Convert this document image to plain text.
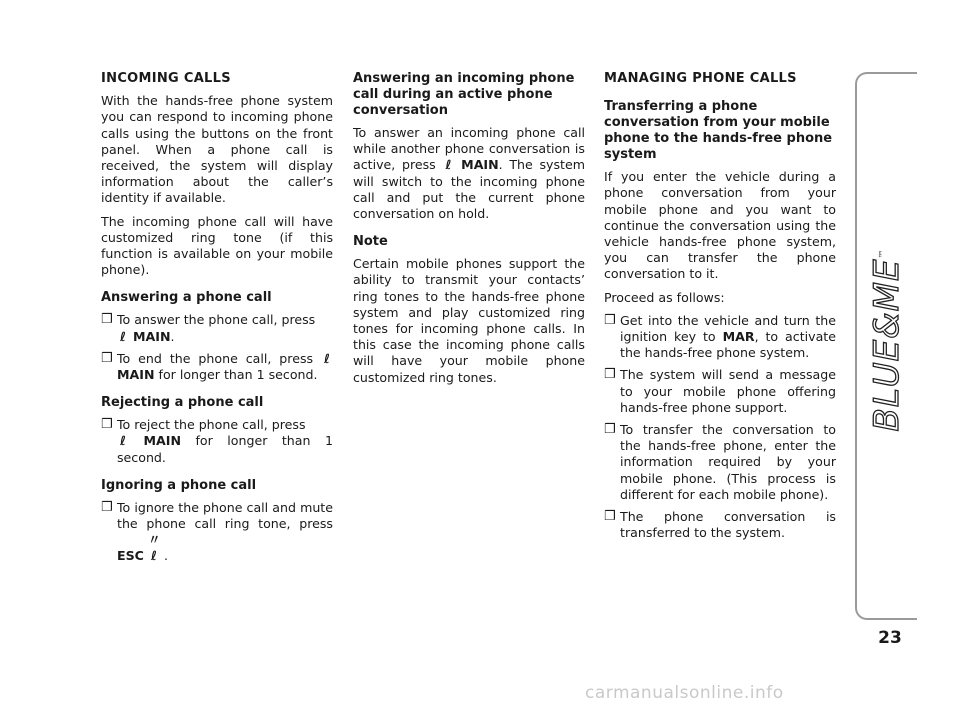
INCOMING CALLS

With the hands-free phone system you can respond to incoming phone calls using the buttons on the front panel. When a phone call is received, the system will display information about the caller’s identity if available.

The incoming phone call will have customized ring tone (if this function is available on your mobile phone).

Answering a phone call
❒ To answer the phone call, press
ℓ MAIN.
❒ To end the phone call, press ℓ MAIN for longer than 1 second.
Rejecting a phone call
❒ To reject the phone call, press
ℓ MAIN for longer than 1 second.
Ignoring a phone call
❒ To ignore the phone call and mute the phone call ring tone, press ESC 〃ℓ .
Answering an incoming phone call during an active phone conversation

To answer an incoming phone call while another phone conversation is active, press ℓ MAIN. The system will switch to the incoming phone call and put the current phone conversation on hold.

Note

Certain mobile phones support the ability to transmit your contacts’ ring tones to the hands-free phone system and play customized ring tones for incoming phone calls. In this case the incoming phone calls will have your mobile phone customized ring tones.

MANAGING PHONE CALLS
Transferring a phone conversation from your mobile phone to the hands-free phone system

If you enter the vehicle during a phone conversation from your mobile phone and you want to continue the conversation using the vehicle hands-free phone system, you can transfer the phone conversation to it.

Proceed as follows:

❒ Get into the vehicle and turn the ignition key to MAR, to activate the hands-free phone system.
❒ The system will send a message to your mobile phone offering hands-free phone support.
❒ To transfer the conversation to the hands-free phone, enter the information required by your mobile phone. (This process is different for each mobile phone).
❒ The phone conversation is transferred to the system.
BLUE&ME™
23
carmanualsonline.info
